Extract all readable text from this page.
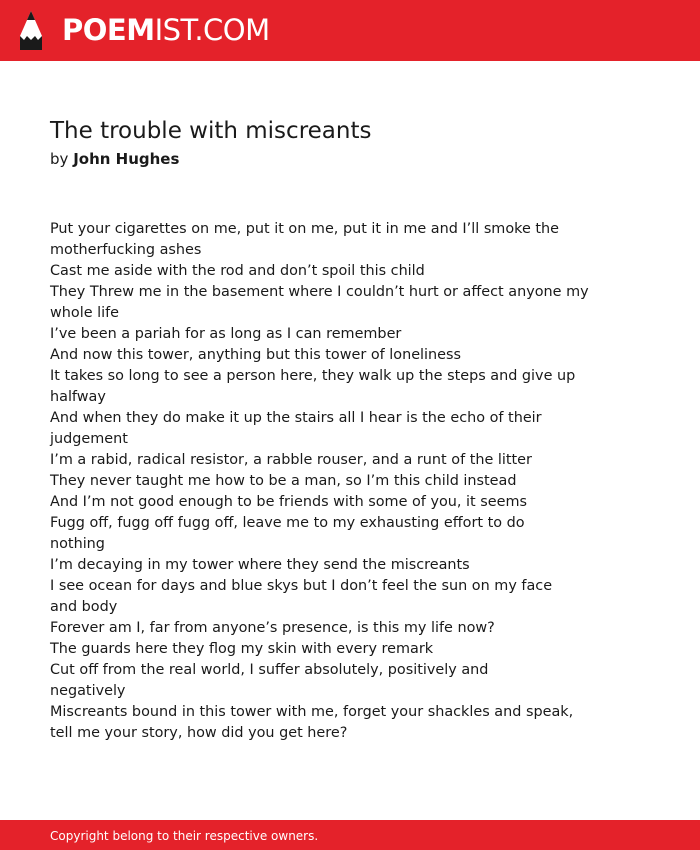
POEMIST.COM
The trouble with miscreants
by John Hughes
Put your cigarettes on me, put it on me, put it in me and I’ll smoke the
motherfucking ashes
Cast me aside with the rod and don’t spoil this child
They Threw me in the basement where I couldn’t hurt or affect anyone my
whole life
I’ve been a pariah for as long as I can remember
And now this tower, anything but this tower of loneliness
It takes so long to see a person here, they walk up the steps and give up
halfway
And when they do make it up the stairs all I hear is the echo of their
judgement
I’m a rabid, radical resistor, a rabble rouser, and a runt of the litter
They never taught me how to be a man, so I’m this child instead
And I’m not good enough to be friends with some of you, it seems
Fugg off, fugg off fugg off, leave me to my exhausting effort to do
nothing
I’m decaying in my tower where they send the miscreants
I see ocean for days and blue skys but I don’t feel the sun on my face
and body
Forever am I, far from anyone’s presence, is this my life now?
The guards here they flog my skin with every remark
Cut off from the real world, I suffer absolutely, positively and
negatively
Miscreants bound in this tower with me, forget your shackles and speak,
tell me your story, how did you get here?
Copyright belong to their respective owners.
